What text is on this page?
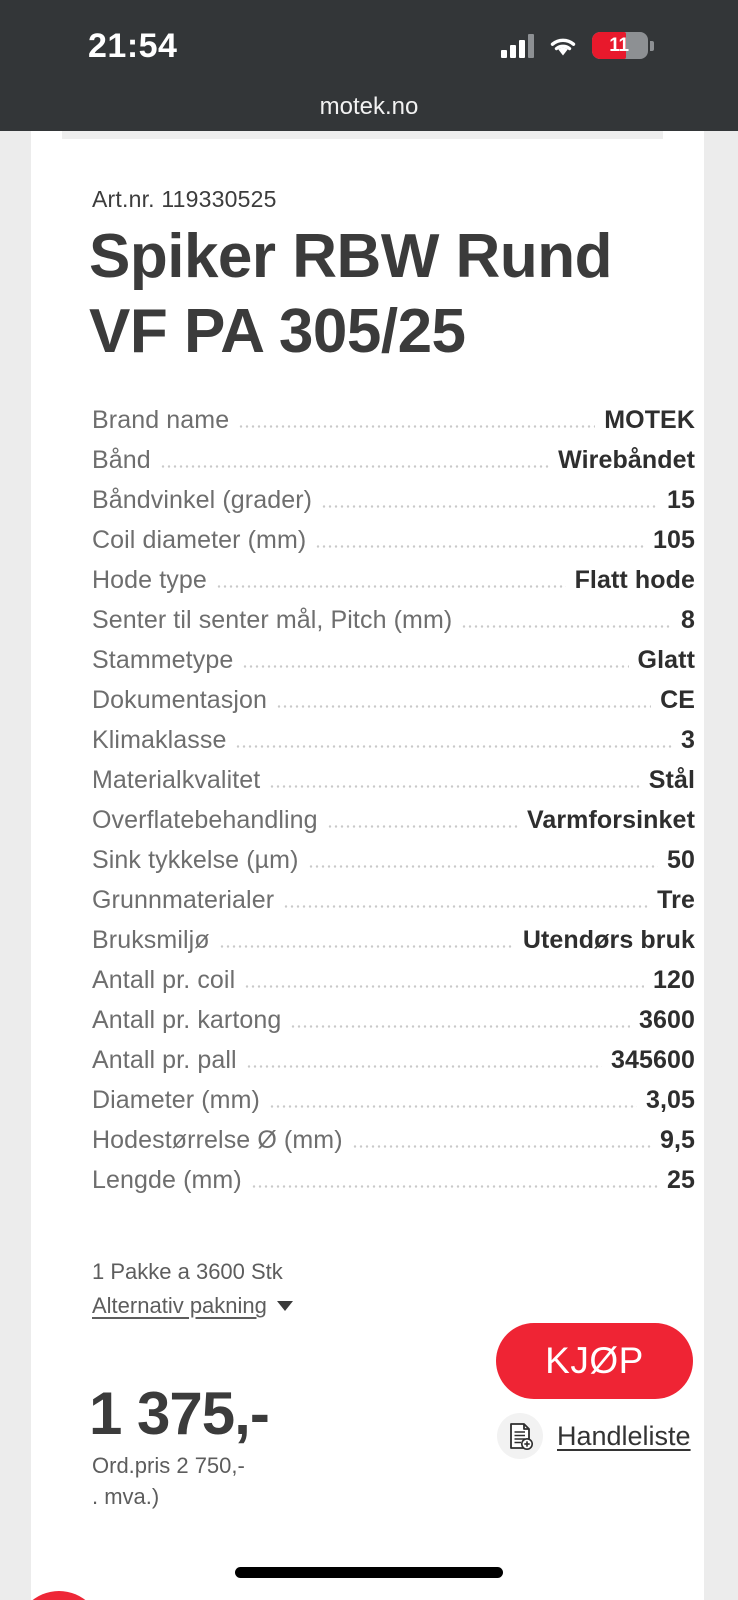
21:54	11
motek.no
Art.nr. 119330525
Spiker RBW Rund VF PA 305/25
Brand name	MOTEK
Bånd	Wirebåndet
Båndvinkel (grader)	15
Coil diameter (mm)	105
Hode type	Flatt hode
Senter til senter mål, Pitch (mm)	8
Stammetype	Glatt
Dokumentasjon	CE
Klimaklasse	3
Materialkvalitet	Stål
Overflatebehandling	Varmforsinket
Sink tykkelse (µm)	50
Grunnmaterialer	Tre
Bruksmiljø	Utendørs bruk
Antall pr. coil	120
Antall pr. kartong	3600
Antall pr. pall	345600
Diameter (mm)	3,05
Hodestørrelse Ø (mm)	9,5
Lengde (mm)	25
1 Pakke a 3600 Stk
Alternativ pakning
1 375,-
Ord.pris 2 750,-
. mva.)
KJØP
Handleliste
